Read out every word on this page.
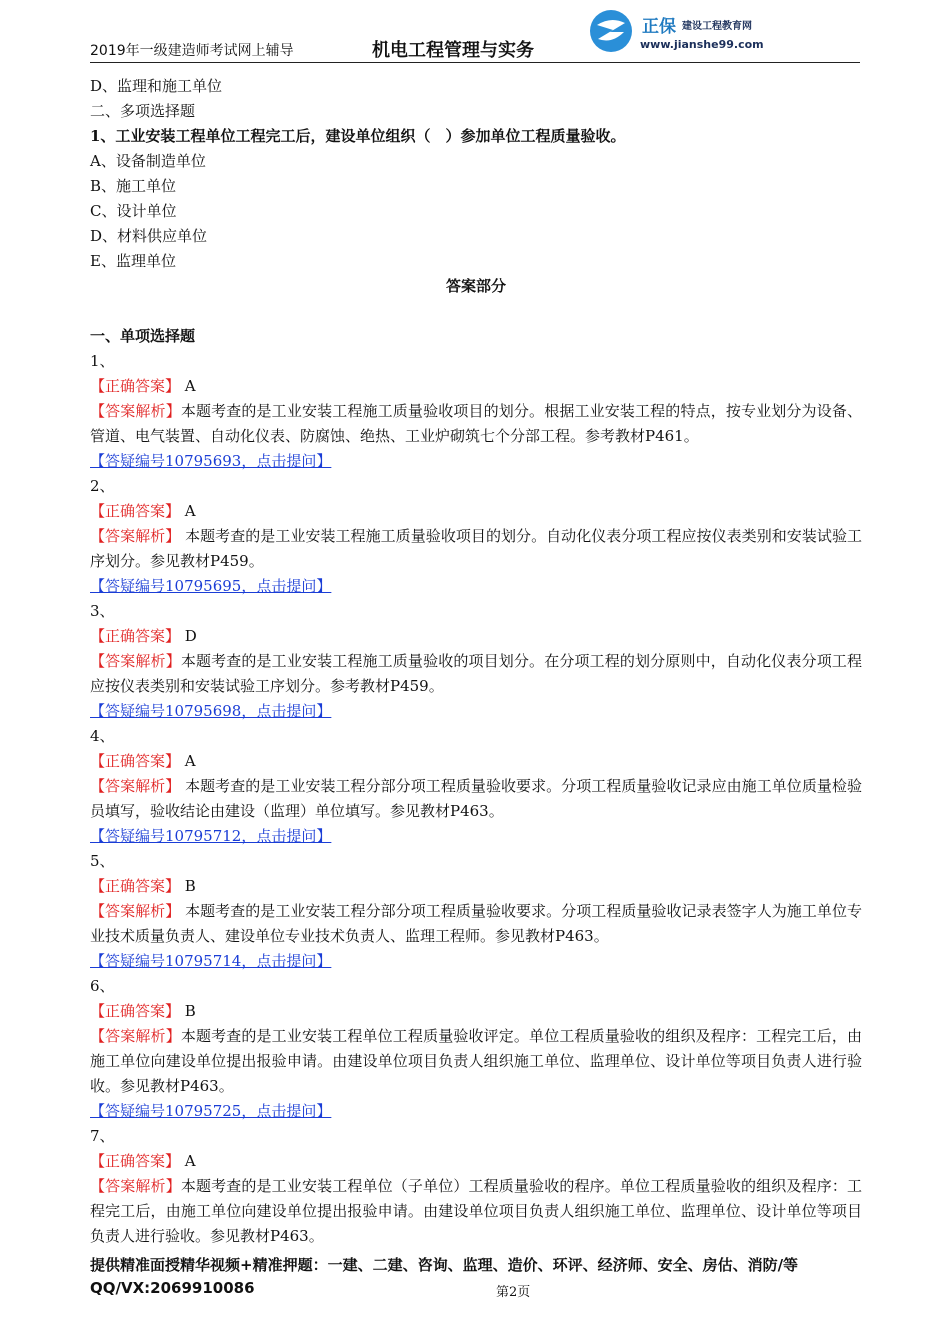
2019年一级建造师考试网上辅导	机电工程管理与实务
正保 建设工程教育网
www.jianshe99.com
D、监理和施工单位
二、多项选择题
1、工业安装工程单位工程完工后，建设单位组织（　）参加单位工程质量验收。
A、设备制造单位
B、施工单位
C、设计单位
D、材料供应单位
E、监理单位
答案部分
一、单项选择题
1、
【正确答案】 A
【答案解析】本题考查的是工业安装工程施工质量验收项目的划分。根据工业安装工程的特点，按专业划分为设备、管道、电气装置、自动化仪表、防腐蚀、绝热、工业炉砌筑七个分部工程。参考教材P461。
【答疑编号10795693，点击提问】
2、
【正确答案】 A
【答案解析】 本题考查的是工业安装工程施工质量验收项目的划分。自动化仪表分项工程应按仪表类别和安装试验工序划分。参见教材P459。
【答疑编号10795695，点击提问】
3、
【正确答案】 D
【答案解析】本题考查的是工业安装工程施工质量验收的项目划分。在分项工程的划分原则中，自动化仪表分项工程应按仪表类别和安装试验工序划分。参考教材P459。
【答疑编号10795698，点击提问】
4、
【正确答案】 A
【答案解析】 本题考查的是工业安装工程分部分项工程质量验收要求。分项工程质量验收记录应由施工单位质量检验员填写，验收结论由建设（监理）单位填写。参见教材P463。
【答疑编号10795712，点击提问】
5、
【正确答案】 B
【答案解析】 本题考查的是工业安装工程分部分项工程质量验收要求。分项工程质量验收记录表签字人为施工单位专业技术质量负责人、建设单位专业技术负责人、监理工程师。参见教材P463。
【答疑编号10795714，点击提问】
6、
【正确答案】 B
【答案解析】本题考查的是工业安装工程单位工程质量验收评定。单位工程质量验收的组织及程序：工程完工后，由施工单位向建设单位提出报验申请。由建设单位项目负责人组织施工单位、监理单位、设计单位等项目负责人进行验收。参见教材P463。
【答疑编号10795725，点击提问】
7、
【正确答案】 A
【答案解析】本题考查的是工业安装工程单位（子单位）工程质量验收的程序。单位工程质量验收的组织及程序：工程完工后，由施工单位向建设单位提出报验申请。由建设单位项目负责人组织施工单位、监理单位、设计单位等项目负责人进行验收。参见教材P463。
提供精准面授精华视频+精准押题：一建、二建、咨询、监理、造价、环评、经济师、安全、房估、消防/等
QQ/VX:2069910086	第2页
